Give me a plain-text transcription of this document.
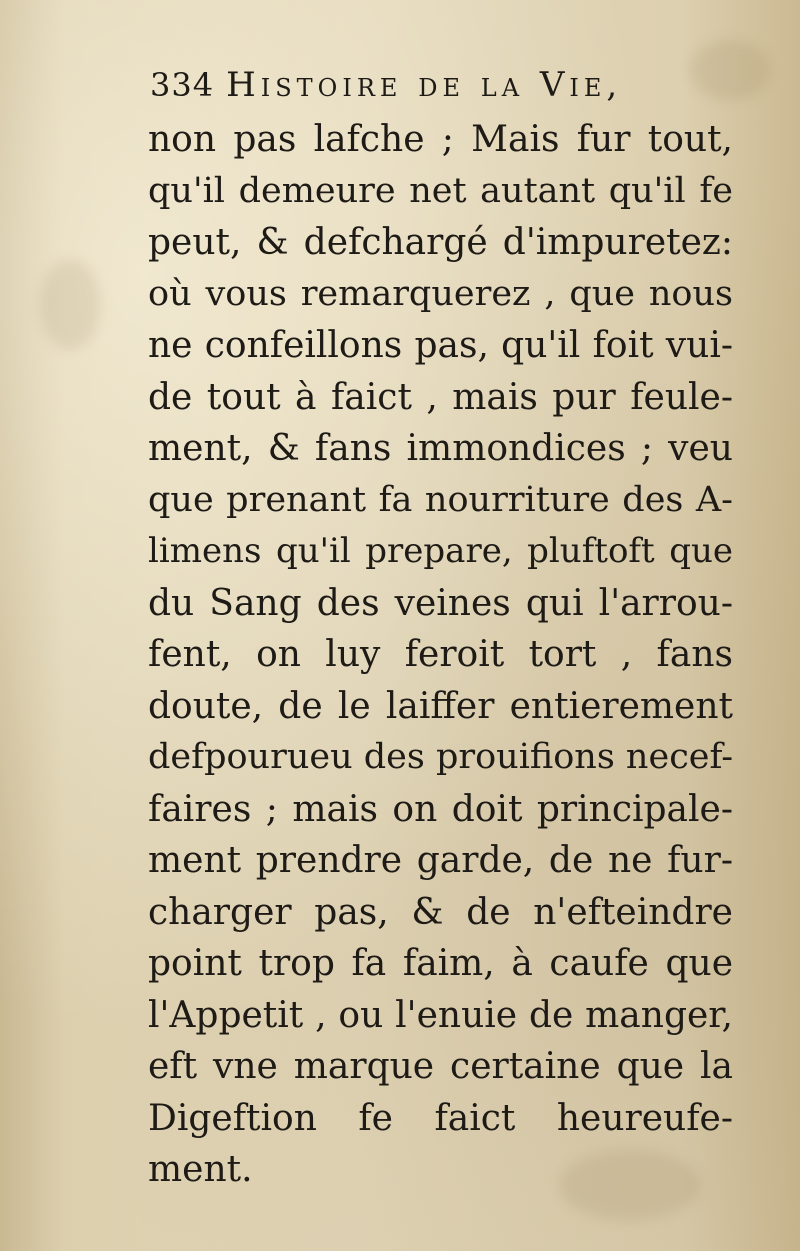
334 Histoire de la Vie,
non pas lafche ; Mais fur tout,
qu'il demeure net autant qu'il fe
peut, & defchargé d'impuretez:
où vous remarquerez , que nous
ne confeillons pas, qu'il foit vui-
de tout à faict , mais pur feule-
ment, & fans immondices ; veu
que prenant fa nourriture des A-
limens qu'il prepare, pluftoft que
du Sang des veines qui l'arrou-
fent, on luy feroit tort , fans
doute, de le laiffer entierement
defpourueu des prouifions necef-
faires ; mais on doit principale-
ment prendre garde, de ne fur-
charger pas, & de n'efteindre
point trop fa faim, à caufe que
l'Appetit , ou l'enuie de manger,
eft vne marque certaine que la
Digeftion fe faict heureufe-
ment.
